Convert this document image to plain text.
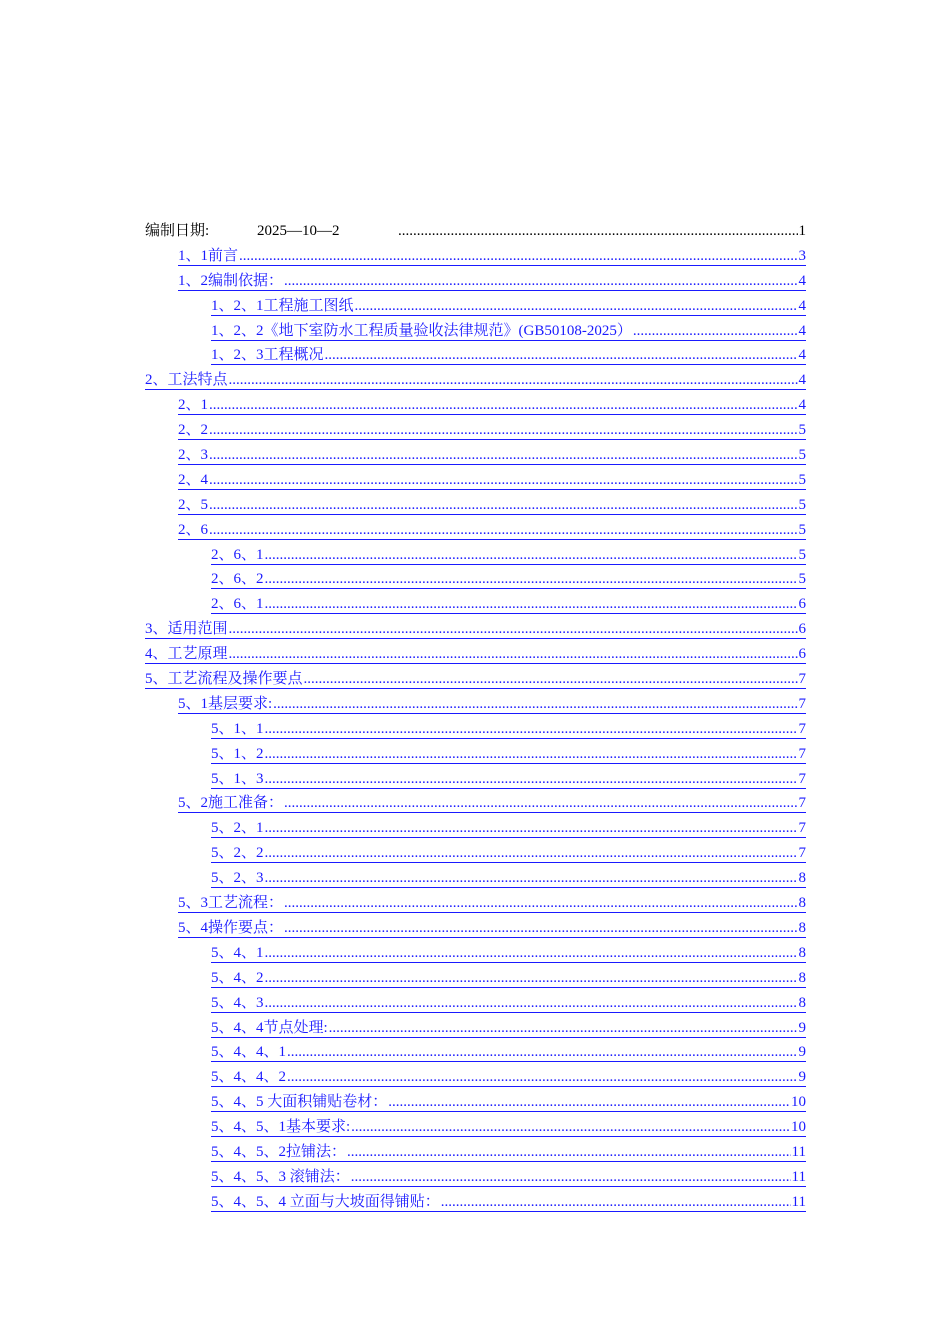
编制日期:	2025—10—2 .....	1
1、1前言 .....	3
1、2编制依据： .....	4
1、2、1工程施工图纸 .....	4
1、2、2《地下室防水工程质量验收法律规范》(GB50108-2025） .....	4
1、2、3工程概况 .....	4
2、工法特点 .....	4
2、1 .....	4
2、2 .....	5
2、3 .....	5
2、4 .....	5
2、5 .....	5
2、6 .....	5
2、6、1 .....	5
2、6、2 .....	5
2、6、1 .....	6
3、适用范围 .....	6
4、工艺原理 .....	6
5、工艺流程及操作要点 .....	7
5、1基层要求: .....	7
5、1、1 .....	7
5、1、2 .....	7
5、1、3 .....	7
5、2施工准备： .....	7
5、2、1 .....	7
5、2、2 .....	7
5、2、3 .....	8
5、3工艺流程： .....	8
5、4操作要点： .....	8
5、4、1 .....	8
5、4、2 .....	8
5、4、3 .....	8
5、4、4节点处理: .....	9
5、4、4、1 .....	9
5、4、4、2 .....	9
5、4、5 大面积铺贴卷材： .....	10
5、4、5、1基本要求: .....	10
5、4、5、2拉铺法： .....	11
5、4、5、3 滚铺法： .....	11
5、4、5、4 立面与大坡面得铺贴： .....	11
